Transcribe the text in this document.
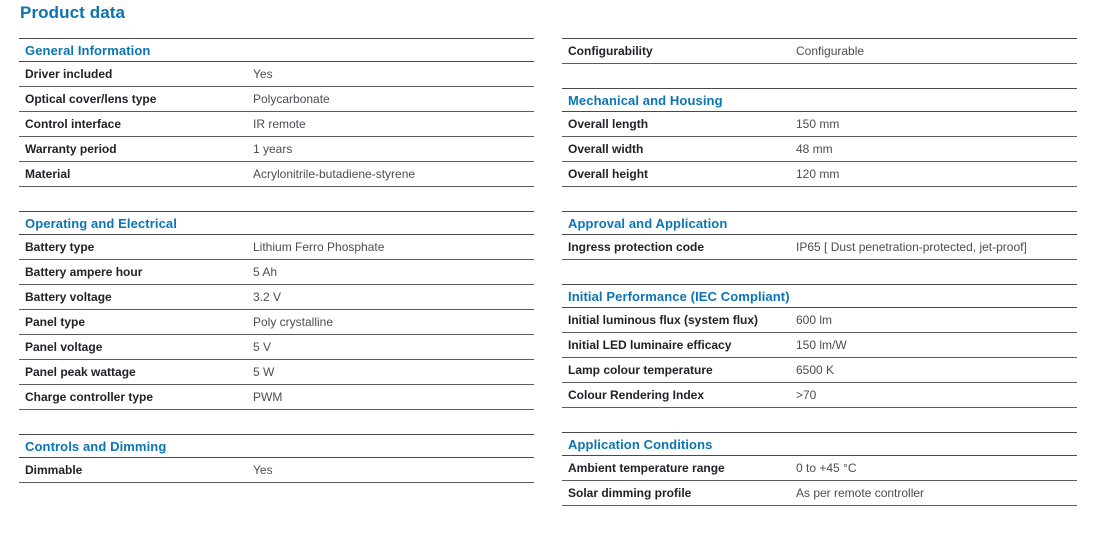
Product data
General Information
Driver included	Yes
Optical cover/lens type	Polycarbonate
Control interface	IR remote
Warranty period	1 years
Material	Acrylonitrile-butadiene-styrene
Operating and Electrical
Battery type	Lithium Ferro Phosphate
Battery ampere hour	5 Ah
Battery voltage	3.2 V
Panel type	Poly crystalline
Panel voltage	5 V
Panel peak wattage	5 W
Charge controller type	PWM
Controls and Dimming
Dimmable	Yes
Configurability	Configurable
Mechanical and Housing
Overall length	150 mm
Overall width	48 mm
Overall height	120 mm
Approval and Application
Ingress protection code	IP65 [ Dust penetration-protected, jet-proof]
Initial Performance (IEC Compliant)
Initial luminous flux (system flux)	600 lm
Initial LED luminaire efficacy	150 lm/W
Lamp colour temperature	6500 K
Colour Rendering Index	>70
Application Conditions
Ambient temperature range	0 to +45 °C
Solar dimming profile	As per remote controller
